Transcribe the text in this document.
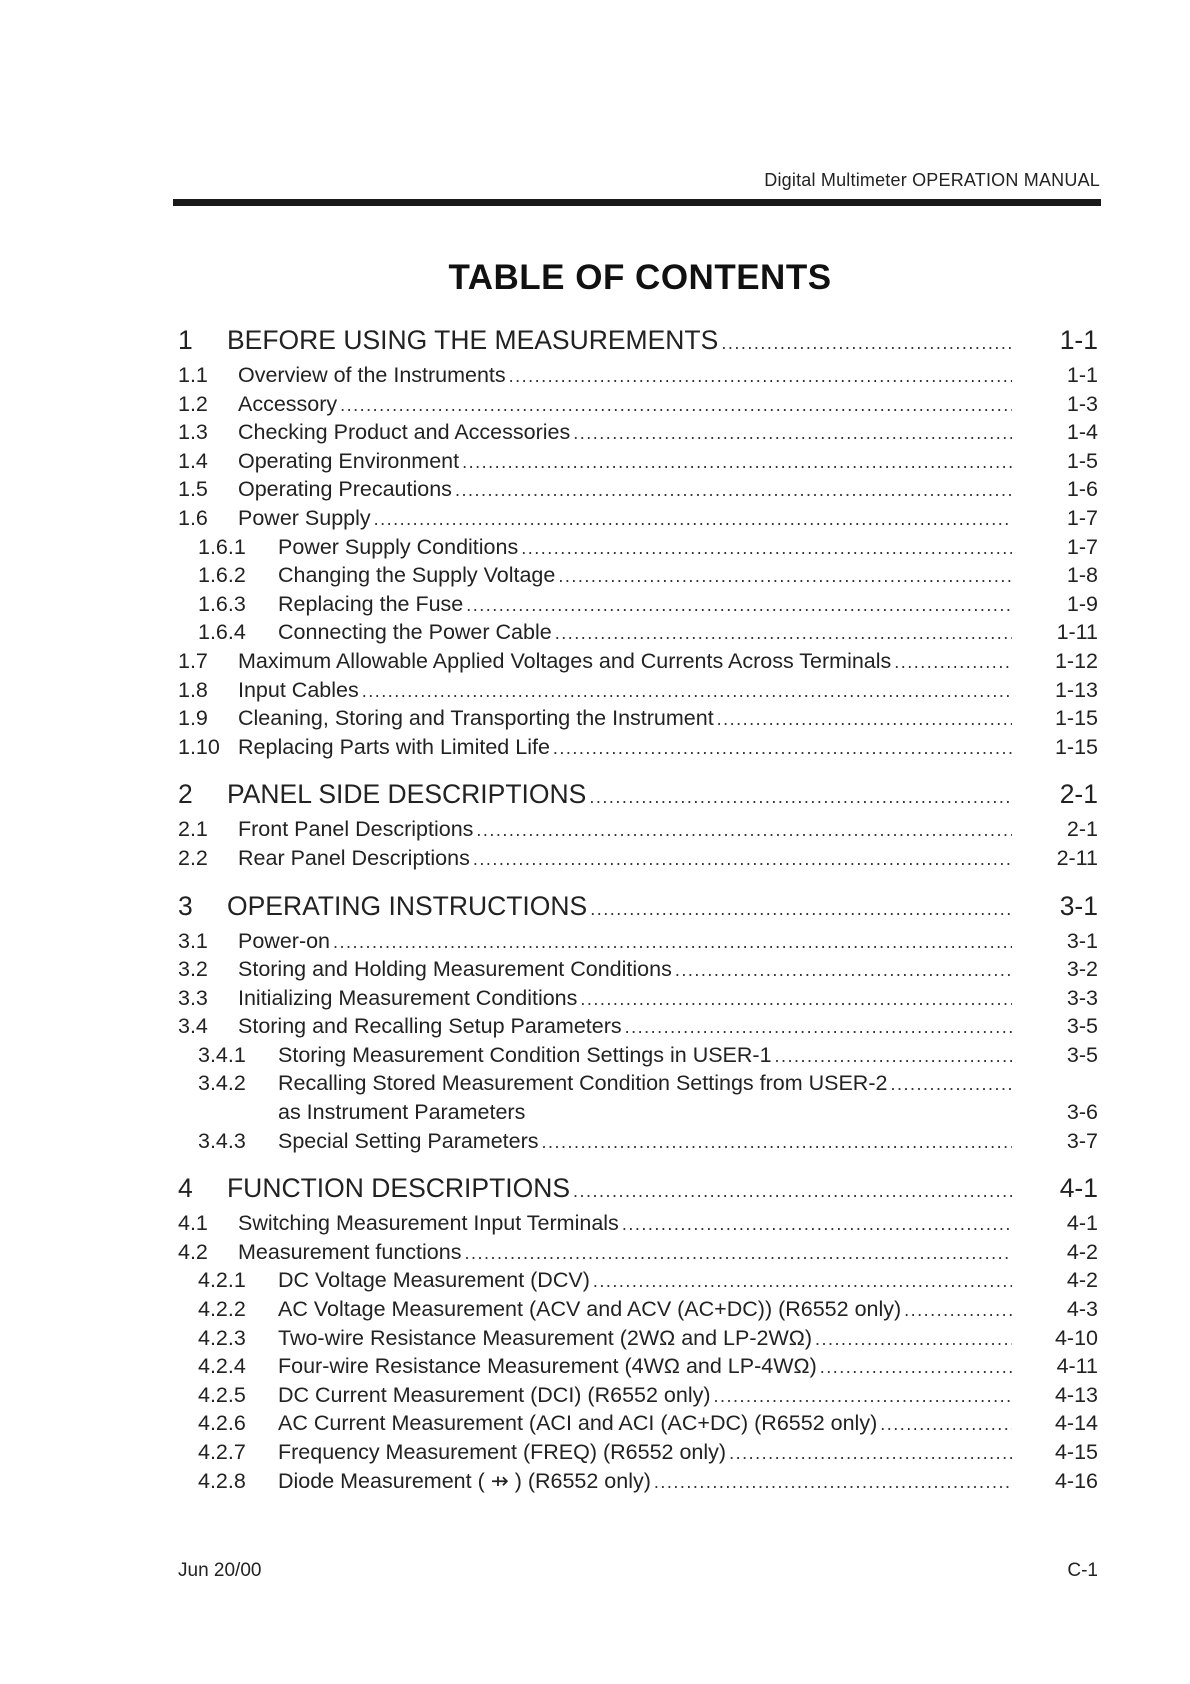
Digital Multimeter OPERATION MANUAL
TABLE OF CONTENTS
1	BEFORE USING THE MEASUREMENTS .....	1-1
1.1	Overview of the Instruments .....	1-1
1.2	Accessory .....	1-3
1.3	Checking Product and Accessories .....	1-4
1.4	Operating Environment .....	1-5
1.5	Operating Precautions .....	1-6
1.6	Power Supply .....	1-7
1.6.1	Power Supply Conditions .....	1-7
1.6.2	Changing the Supply Voltage .....	1-8
1.6.3	Replacing the Fuse .....	1-9
1.6.4	Connecting the Power Cable .....	1-11
1.7	Maximum Allowable Applied Voltages and Currents Across Terminals .....	1-12
1.8	Input Cables .....	1-13
1.9	Cleaning, Storing and Transporting the Instrument .....	1-15
1.10 Replacing Parts with Limited Life .....	1-15
2	PANEL SIDE DESCRIPTIONS .....	2-1
2.1	Front Panel Descriptions .....	2-1
2.2	Rear Panel Descriptions .....	2-11
3	OPERATING INSTRUCTIONS .....	3-1
3.1	Power-on .....	3-1
3.2	Storing and Holding Measurement Conditions .....	3-2
3.3	Initializing Measurement Conditions .....	3-3
3.4	Storing and Recalling Setup Parameters .....	3-5
3.4.1	Storing Measurement Condition Settings in USER-1 .....	3-5
3.4.2	Recalling Stored Measurement Condition Settings from USER-2
.....
as Instrument Parameters	3-6
3.4.3	Special Setting Parameters .....	3-7
4	FUNCTION DESCRIPTIONS .....	4-1
4.1	Switching Measurement Input Terminals .....	4-1
4.2	Measurement functions .....	4-2
4.2.1	DC Voltage Measurement (DCV) .....	4-2
4.2.2	AC Voltage Measurement (ACV and ACV (AC+DC)) (R6552 only) .....	4-3
4.2.3	Two-wire Resistance Measurement (2WΩ and LP-2WΩ) .....	4-10
4.2.4	Four-wire Resistance Measurement (4WΩ and LP-4WΩ) .....	4-11
4.2.5	DC Current Measurement (DCI) (R6552 only) .....	4-13
4.2.6	AC Current Measurement (ACI and ACI (AC+DC) (R6552 only) .....	4-14
4.2.7	Frequency Measurement (FREQ) (R6552 only) .....	4-15
4.2.8	Diode Measurement ( ⇸ ) (R6552 only) .....	4-16
Jun 20/00	C-1
